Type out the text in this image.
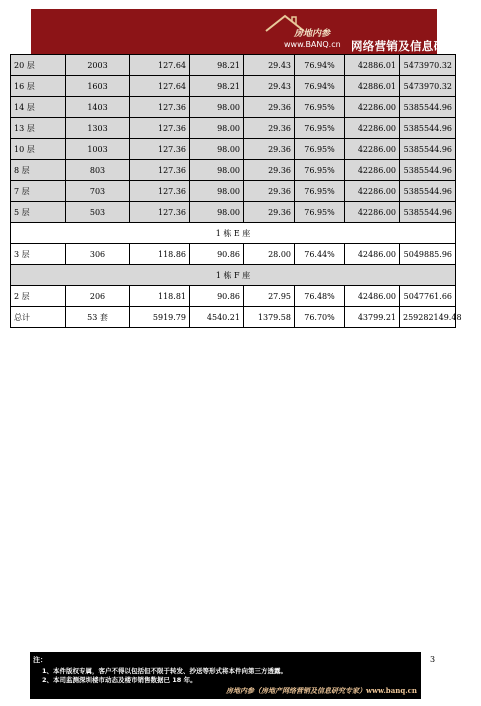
房地内参
www.BANQ.cn 网络营销及信息研究专家
20 层	2003	127.64	98.21	29.43	76.94%	42886.01	5473970.32
16 层	1603	127.64	98.21	29.43	76.94%	42886.01	5473970.32
14 层	1403	127.36	98.00	29.36	76.95%	42286.00	5385544.96
13 层	1303	127.36	98.00	29.36	76.95%	42286.00	5385544.96
10 层	1003	127.36	98.00	29.36	76.95%	42286.00	5385544.96
8 层	803	127.36	98.00	29.36	76.95%	42286.00	5385544.96
7 层	703	127.36	98.00	29.36	76.95%	42286.00	5385544.96
5 层	503	127.36	98.00	29.36	76.95%	42286.00	5385544.96
1 栋 E 座							
3 层	306	118.86	90.86	28.00	76.44%	42486.00	5049885.96
1 栋 F 座							
2 层	206	118.81	90.86	27.95	76.48%	42486.00	5047761.66
总计	53 套	5919.79	4540.21	1379.58	76.70%	43799.21	259282149.48
3
注：
1、本件版权专属，客户不得以包括但不限于转发、抄送等形式将本件向第三方透露。
2、本司监测深圳楼市动态及楼市销售数据已 18 年。
房地内参（房地产网络营销及信息研究专家） www.banq.cn
